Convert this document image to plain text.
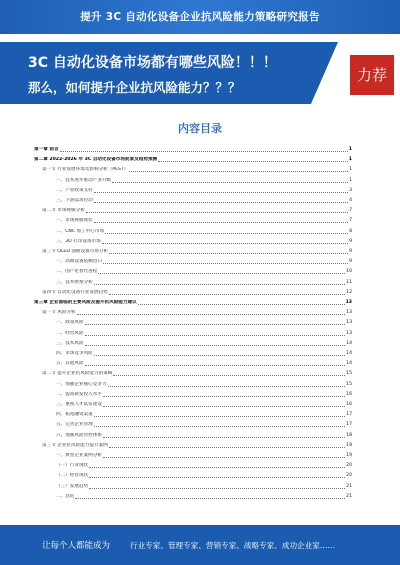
提升 3C 自动化设备企业抗风险能力策略研究报告
3C 自动化设备市场都有哪些风险！！！
那么，如何提升企业抗风险能力？？？
力荐
内容目录
第一章 前言	1
第二章 2022-2026 年 3C 自动化设备市场前景及趋势预测	1
第一节 行业发展环境及影响分析（PEST）	1
一、技术进步推动产业升级	1
二、产业政策支持	3
三、下游需求拉动	4
第二节 市场规模分析	7
一、市场规模现状	7
二、CNC 加工中心市场	8
三、3D 打印设备市场	9
第三节 OLED 面板设备市场分析	9
一、高端设备依赖进口	9
二、国产化替代进程	10
三、技术壁垒分析	11
第四节 自动化设备行业发展趋势	12
第三章 企业面临的主要风险及提升抗风险能力建议	13
第一节 风险分析	13
一、政策风险	13
二、经营风险	13
三、技术风险	14
四、市场竞争风险	14
五、其他风险	14
第二节 提升企业抗风险能力的策略	15
一、加强企业核心竞争力	15
二、提高研发投入水平	16
三、重视人才队伍建设	16
四、拓宽融资渠道	17
五、完善企业管理	17
六、加强风险管控体系	18
第三节 企业抗风险能力提升案例	19
一、典型企业案例分析	19
（一）行业现状	20
（二）经营现状	20
（三）发展趋势	21
二、总结	21
让每个人都能成为	行业专家、管理专家、营销专家、战略专家、成功企业家……
